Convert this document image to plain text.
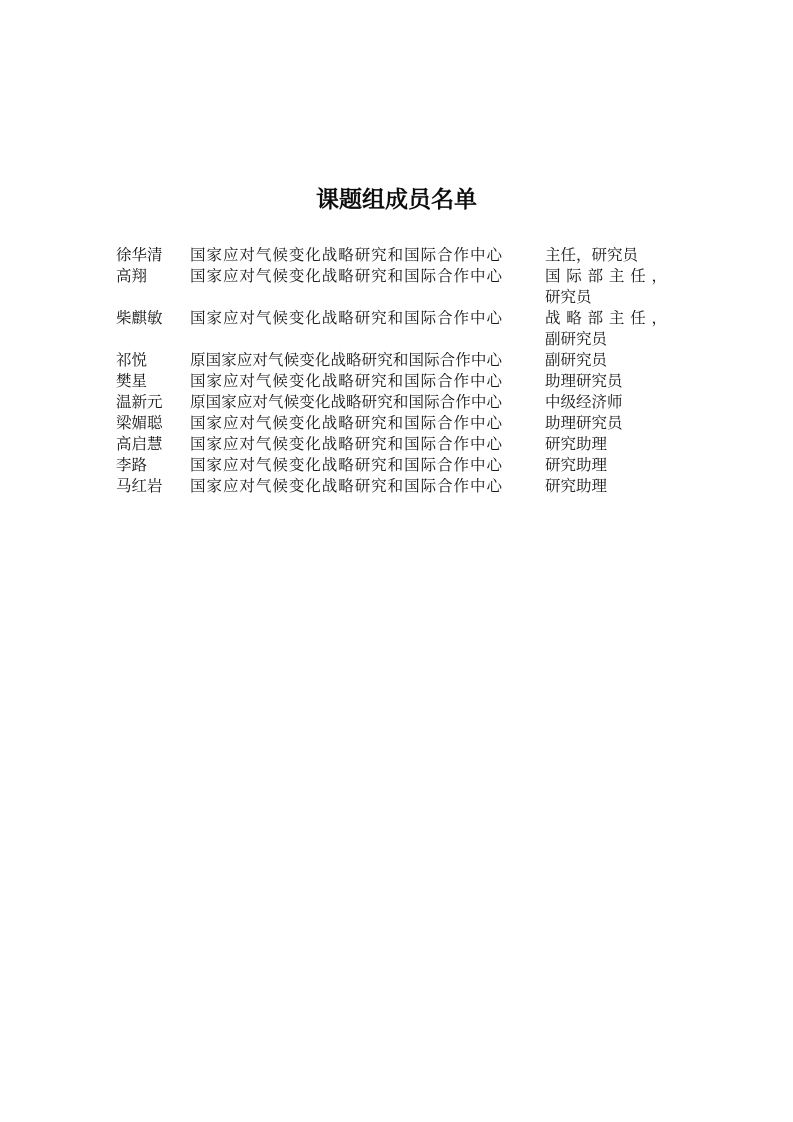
课题组成员名单
徐华清	国家应对气候变化战略研究和国际合作中心	主任，研究员
高翔	国家应对气候变化战略研究和国际合作中心	国际部主任，
研究员
柴麒敏	国家应对气候变化战略研究和国际合作中心	战略部主任，
副研究员
祁悦	原国家应对气候变化战略研究和国际合作中心	副研究员
樊星	国家应对气候变化战略研究和国际合作中心	助理研究员
温新元	原国家应对气候变化战略研究和国际合作中心	中级经济师
梁媚聪	国家应对气候变化战略研究和国际合作中心	助理研究员
高启慧	国家应对气候变化战略研究和国际合作中心	研究助理
李路	国家应对气候变化战略研究和国际合作中心	研究助理
马红岩	国家应对气候变化战略研究和国际合作中心	研究助理
